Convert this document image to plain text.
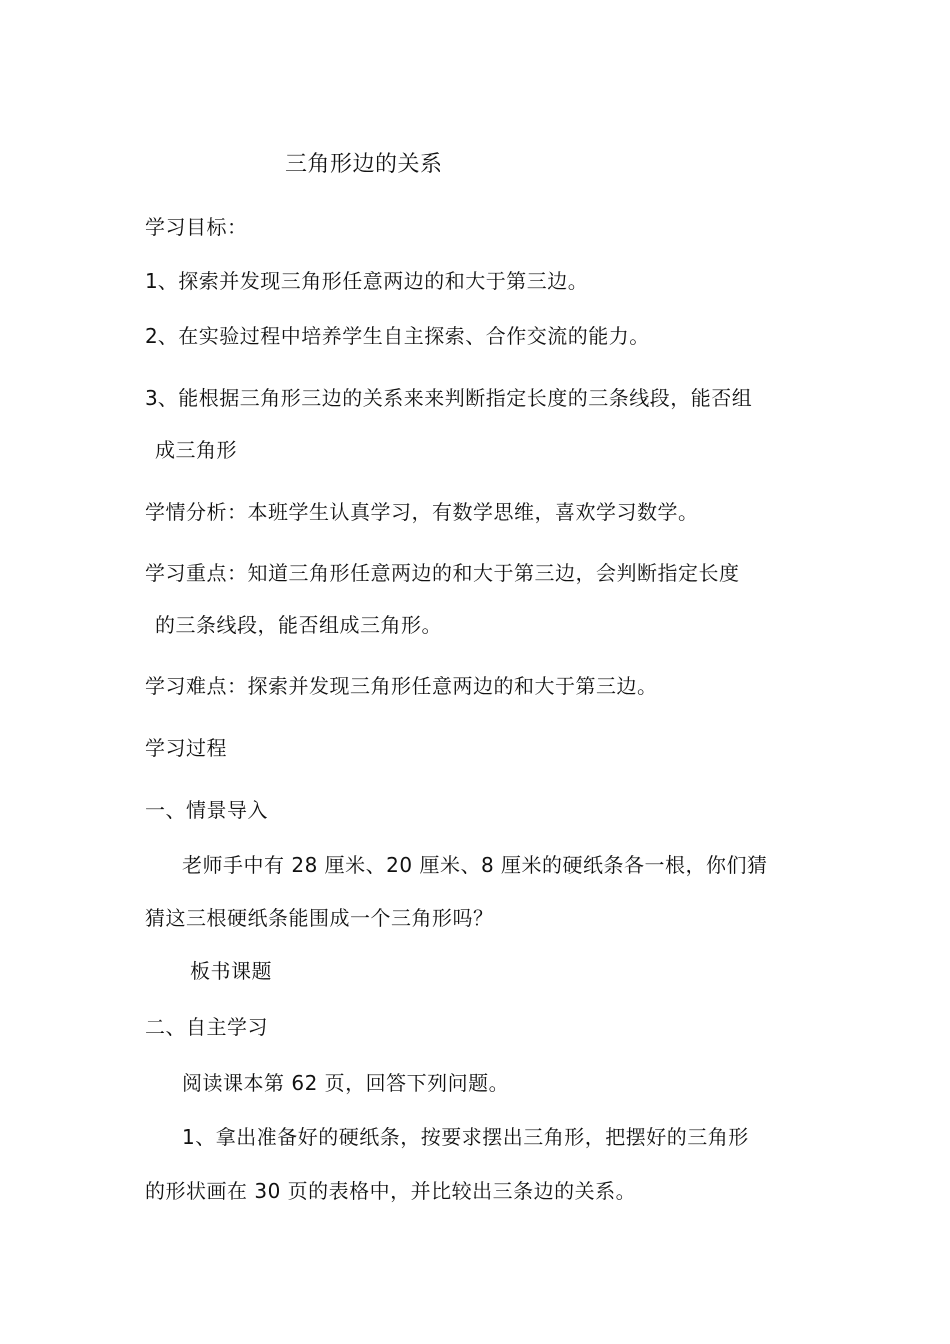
三角形边的关系
学习目标：
1、探索并发现三角形任意两边的和大于第三边。
2、在实验过程中培养学生自主探索、合作交流的能力。
3、能根据三角形三边的关系来来判断指定长度的三条线段，能否组
成三角形
学情分析：本班学生认真学习，有数学思维，喜欢学习数学。
学习重点：知道三角形任意两边的和大于第三边，会判断指定长度
的三条线段，能否组成三角形。
学习难点：探索并发现三角形任意两边的和大于第三边。
学习过程
一、情景导入
老师手中有 28 厘米、20 厘米、8 厘米的硬纸条各一根，你们猜
猜这三根硬纸条能围成一个三角形吗？
板书课题
二、自主学习
阅读课本第 62 页，回答下列问题。
1、拿出准备好的硬纸条，按要求摆出三角形，把摆好的三角形
的形状画在 30 页的表格中，并比较出三条边的关系。
